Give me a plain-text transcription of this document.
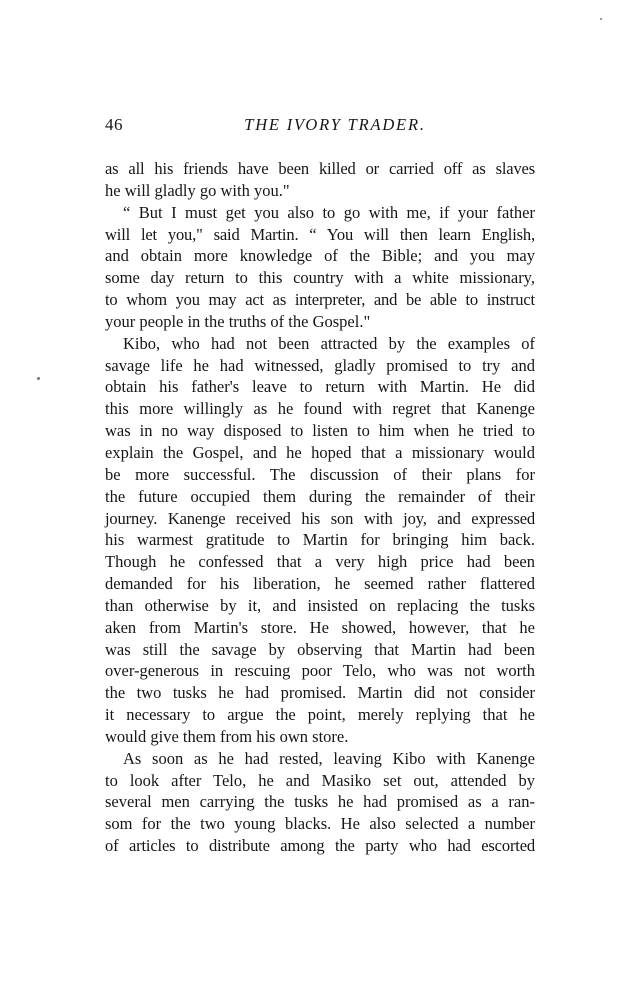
46	THE IVORY TRADER.
as all his friends have been killed or carried off as slaves
he will gladly go with you."
“ But I must get you also to go with me, if your father
will let you," said Martin. “ You will then learn English,
and obtain more knowledge of the Bible; and you may
some day return to this country with a white missionary,
to whom you may act as interpreter, and be able to instruct
your people in the truths of the Gospel."
Kibo, who had not been attracted by the examples of
savage life he had witnessed, gladly promised to try and
obtain his father's leave to return with Martin. He did
this more willingly as he found with regret that Kanenge
was in no way disposed to listen to him when he tried to
explain the Gospel, and he hoped that a missionary would
be more successful. The discussion of their plans for
the future occupied them during the remainder of their
journey. Kanenge received his son with joy, and expressed
his warmest gratitude to Martin for bringing him back.
Though he confessed that a very high price had been
demanded for his liberation, he seemed rather flattered
than otherwise by it, and insisted on replacing the tusks
aken from Martin's store. He showed, however, that he
was still the savage by observing that Martin had been
over-generous in rescuing poor Telo, who was not worth
the two tusks he had promised. Martin did not consider
it necessary to argue the point, merely replying that he
would give them from his own store.
As soon as he had rested, leaving Kibo with Kanenge
to look after Telo, he and Masiko set out, attended by
several men carrying the tusks he had promised as a ran-
som for the two young blacks. He also selected a number
of articles to distribute among the party who had escorted
